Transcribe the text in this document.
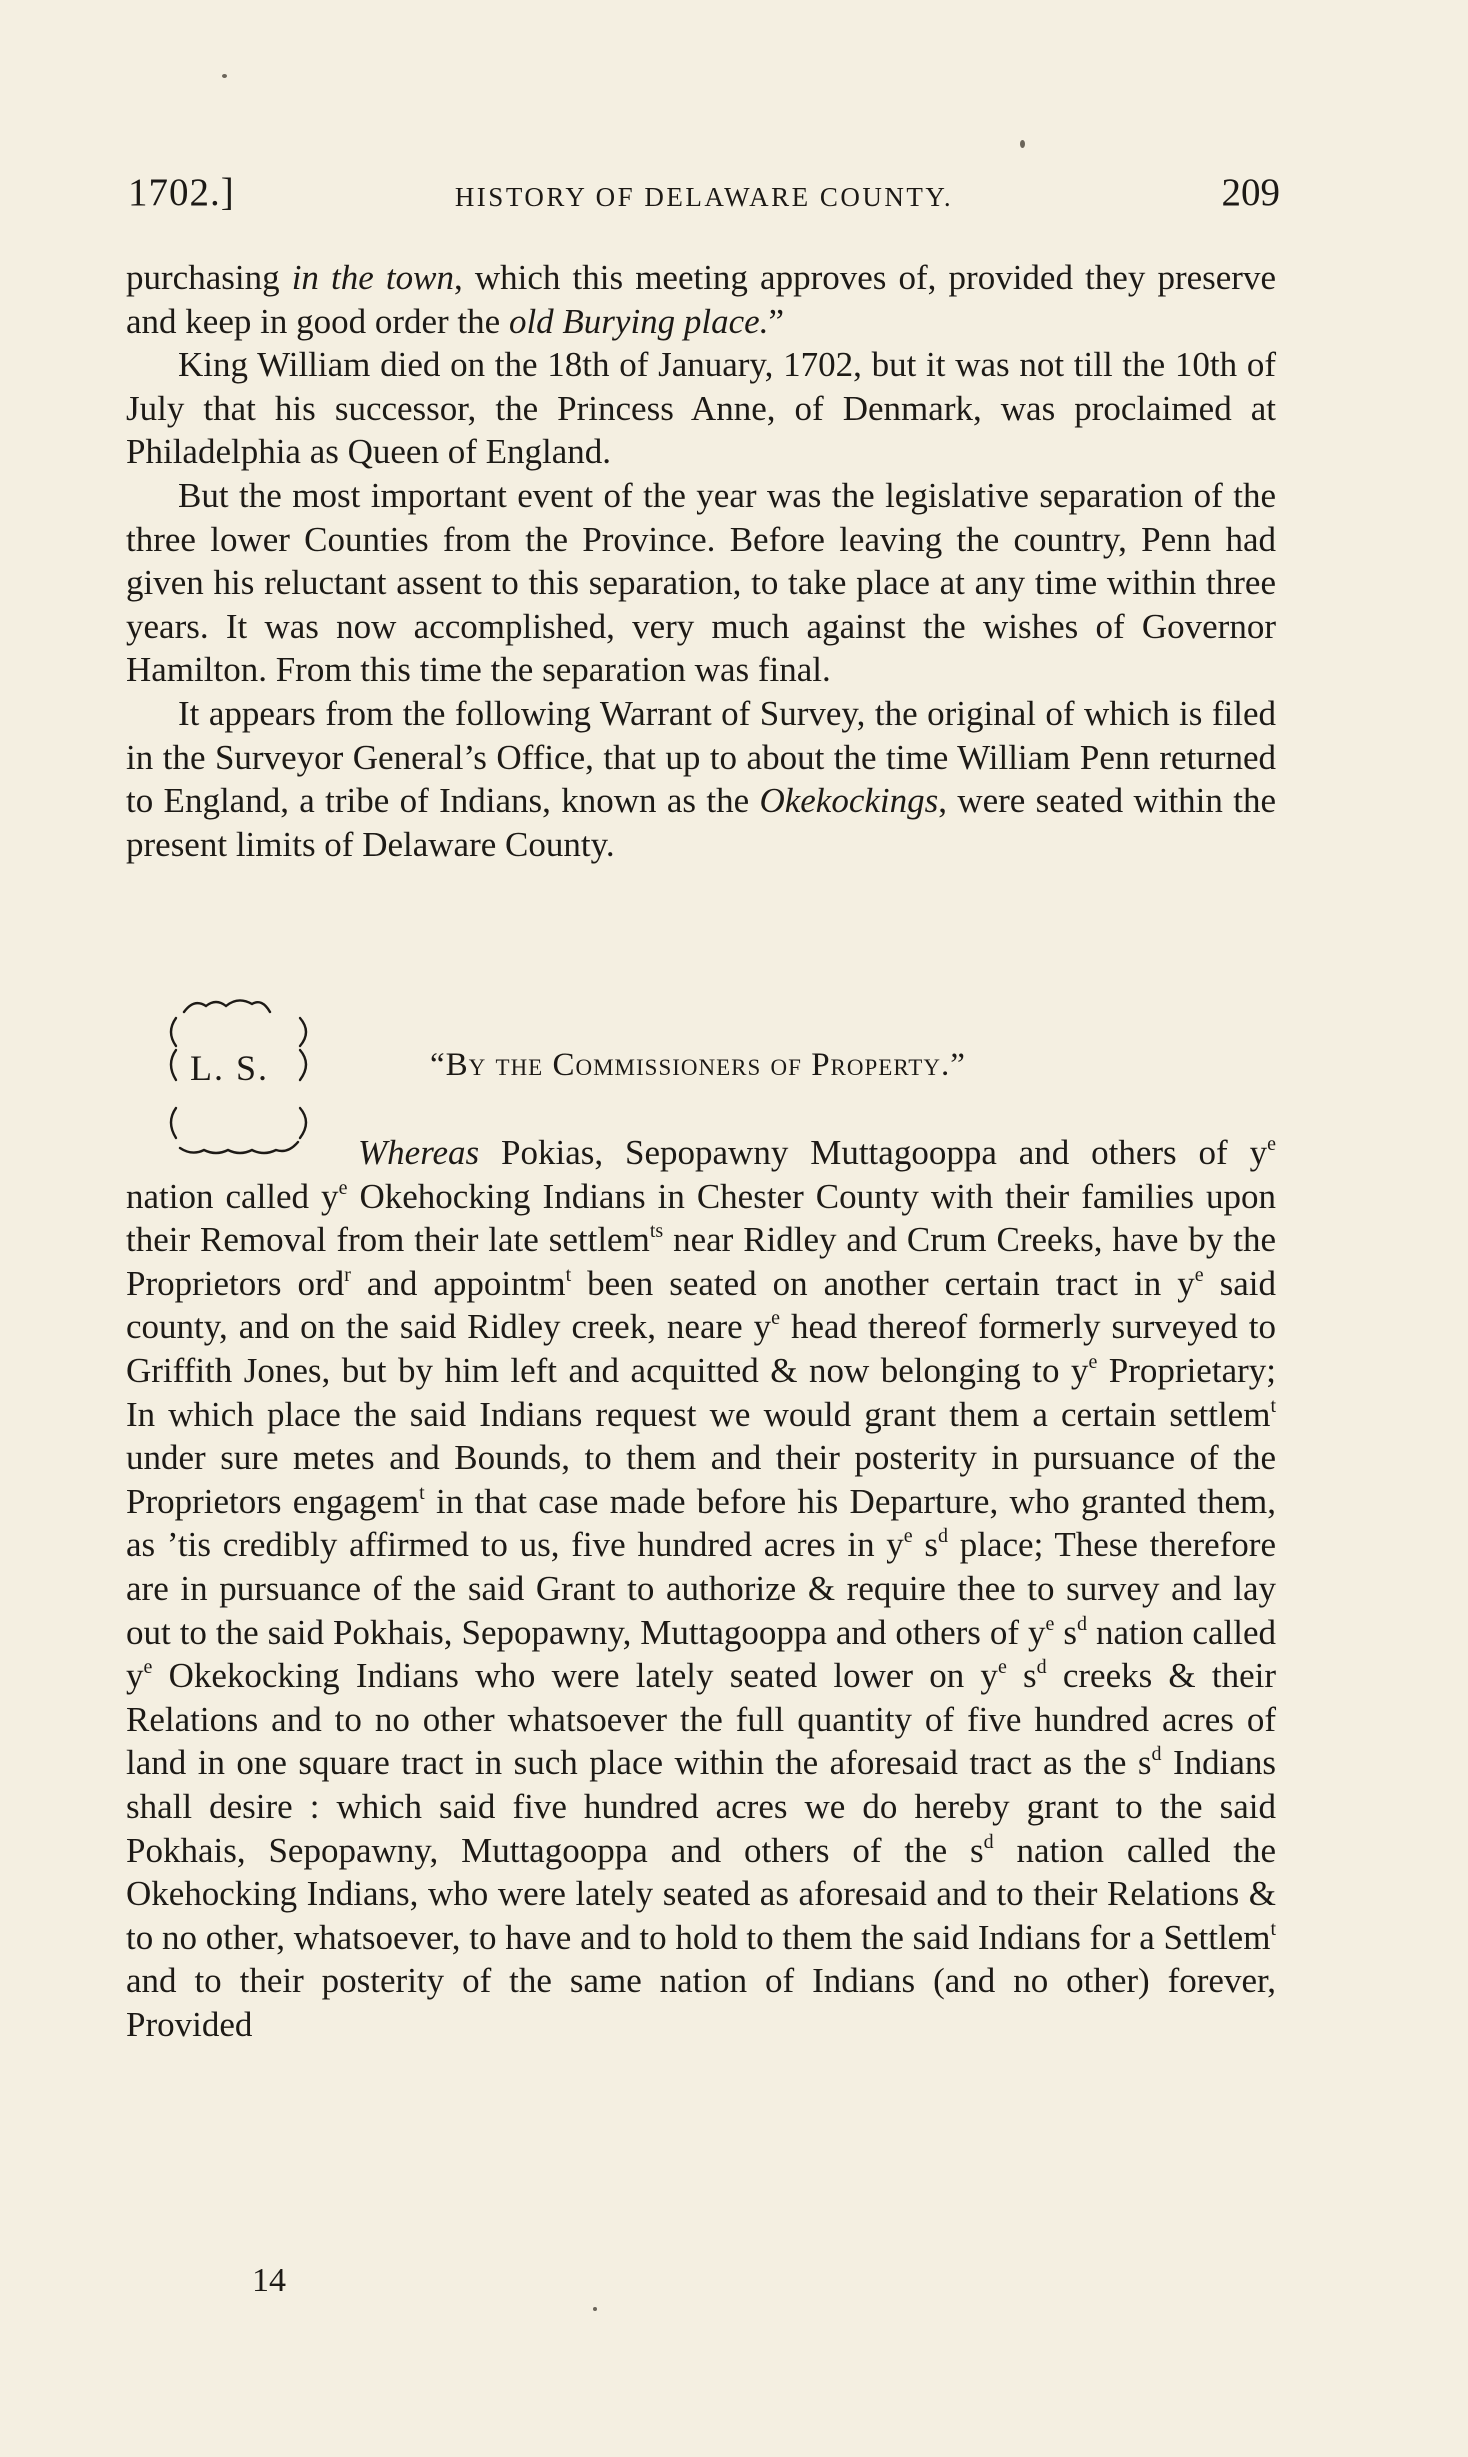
1702.]	HISTORY OF DELAWARE COUNTY.	209

purchasing in the town, which this meeting approves of, provided they preserve and keep in good order the old Burying place.”

King William died on the 18th of January, 1702, but it was not till the 10th of July that his successor, the Princess Anne, of Denmark, was proclaimed at Philadelphia as Queen of England.

But the most important event of the year was the legislative separation of the three lower Counties from the Province. Before leaving the country, Penn had given his reluctant assent to this separation, to take place at any time within three years. It was now accomplished, very much against the wishes of Governor Hamilton. From this time the separation was final.

It appears from the following Warrant of Survey, the original of which is filed in the Surveyor General’s Office, that up to about the time William Penn returned to England, a tribe of Indians, known as the Okekockings, were seated within the present limits of Delaware County.

L. S.	“By the Commissioners of Property.”

Whereas Pokias, Sepopawny Muttagooppa and others of $y^e$ nation called $y^e$ Okehocking Indians in Chester County with their families upon their Removal from their late settlem$^{ts}$ near Ridley and Crum Creeks, have by the Proprietors ord$^r$ and appointm$^t$ been seated on another certain tract in $y^e$ said county, and on the said Ridley creek, neare $y^e$ head thereof formerly surveyed to Griffith Jones, but by him left and acquitted & now belonging to $y^e$ Proprietary; In which place the said Indians request we would grant them a certain settlem$^t$ under sure metes and Bounds, to them and their posterity in pursuance of the Proprietors engagem$^t$ in that case made before his Departure, who granted them, as ’tis credibly affirmed to us, five hundred acres in $y^e$ $s^d$ place; These therefore are in pursuance of the said Grant to authorize & require thee to survey and lay out to the said Pokhais, Sepopawny, Muttagooppa and others of $y^e$ $s^d$ nation called $y^e$ Okekocking Indians who were lately seated lower on $y^e$ $s^d$ creeks & their Relations and to no other whatsoever the full quantity of five hundred acres of land in one square tract in such place within the aforesaid tract as the $s^d$ Indians shall desire : which said five hundred acres we do hereby grant to the said Pokhais, Sepopawny, Muttagooppa and others of the $s^d$ nation called the Okehocking Indians, who were lately seated as aforesaid and to their Relations & to no other, whatsoever, to have and to hold to them the said Indians for a Settlem$^t$ and to their posterity of the same nation of Indians (and no other) forever, Provided

14
